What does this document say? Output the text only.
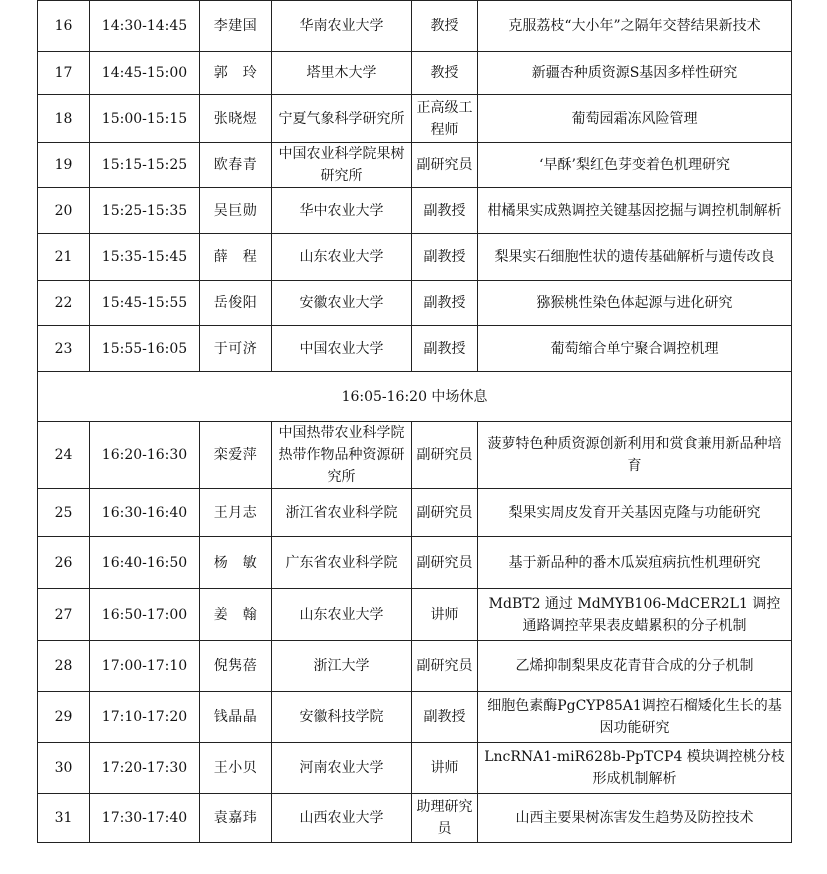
16	14:30-14:45	李建国	华南农业大学	教授	克服荔枝“大小年”之隔年交替结果新技术
17	14:45-15:00	郭　玲	塔里木大学	教授	新疆杏种质资源S基因多样性研究
18	15:00-15:15	张晓煜	宁夏气象科学研究所	正高级工程师	葡萄园霜冻风险管理
19	15:15-15:25	欧春青	中国农业科学院果树研究所	副研究员	‘早酥’梨红色芽变着色机理研究
20	15:25-15:35	吴巨勋	华中农业大学	副教授	柑橘果实成熟调控关键基因挖掘与调控机制解析
21	15:35-15:45	薛　程	山东农业大学	副教授	梨果实石细胞性状的遗传基础解析与遗传改良
22	15:45-15:55	岳俊阳	安徽农业大学	副教授	猕猴桃性染色体起源与进化研究
23	15:55-16:05	于可济	中国农业大学	副教授	葡萄缩合单宁聚合调控机理
16:05-16:20 中场休息					
24	16:20-16:30	栾爱萍	中国热带农业科学院热带作物品种资源研究所	副研究员	菠萝特色种质资源创新利用和赏食兼用新品种培育
25	16:30-16:40	王月志	浙江省农业科学院	副研究员	梨果实周皮发育开关基因克隆与功能研究
26	16:40-16:50	杨　敏	广东省农业科学院	副研究员	基于新品种的番木瓜炭疽病抗性机理研究
27	16:50-17:00	姜　翰	山东农业大学	讲师	MdBT2 通过 MdMYB106-MdCER2L1 调控通路调控苹果表皮蜡累积的分子机制
28	17:00-17:10	倪隽蓓	浙江大学	副研究员	乙烯抑制梨果皮花青苷合成的分子机制
29	17:10-17:20	钱晶晶	安徽科技学院	副教授	细胞色素酶PgCYP85A1调控石榴矮化生长的基因功能研究
30	17:20-17:30	王小贝	河南农业大学	讲师	LncRNA1-miR628b-PpTCP4 模块调控桃分枝形成机制解析
31	17:30-17:40	袁嘉玮	山西农业大学	助理研究员	山西主要果树冻害发生趋势及防控技术
